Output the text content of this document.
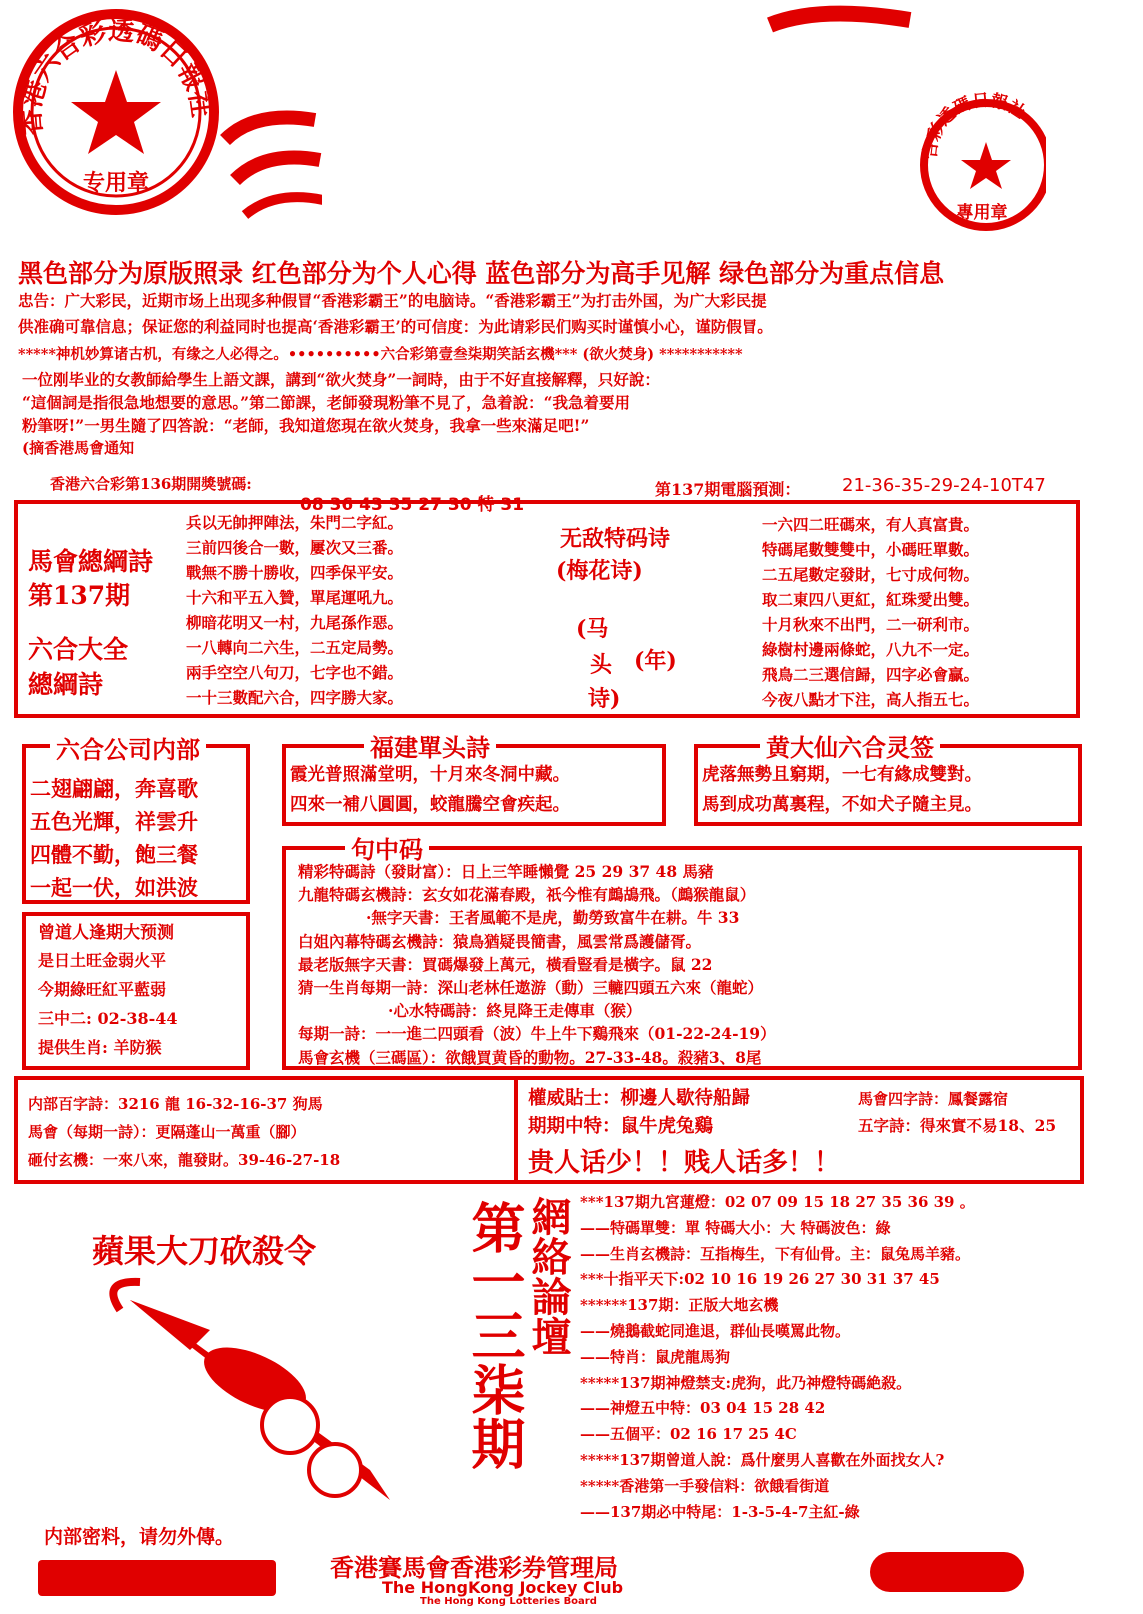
香港六合彩透碼日報社
专用章
合彩透碼日報社
專用章
黑色部分为原版照录 红色部分为个人心得 蓝色部分为高手见解 绿色部分为重点信息
忠告：广大彩民，近期市场上出现多种假冒“香港彩霸王”的电脑诗。“香港彩霸王”为打击外国，为广大彩民提
供准确可靠信息；保证您的利益同时也提高‘香港彩霸王’的可信度：为此请彩民们购买时谨慎小心，谨防假冒。
*****神机妙算诸古机，有缘之人必得之。••••••••••六合彩第壹叁柒期笑話玄機*** (欲火焚身) ***********
一位刚毕业的女教師給學生上語文課，講到“欲火焚身”一詞時，由于不好直接解釋，只好說：
“這個詞是指很急地想要的意思。”第二節課，老師發現粉筆不見了，急着說：“我急着要用
粉筆呀!”一男生隨了四答說：“老師，我知道您現在欲火焚身，我拿一些來滿足吧!”
(摘香港馬會通知
香港六合彩第136期開獎號碼:
08 36 43 35 27 30 特 31
第137期電腦預測： 21-36-35-29-24-10T47
馬會總綱詩
第137期
六合大全
總綱詩
兵以无帥押陣法，朱門二字紅。
三前四後合一數，屢次又三番。
戰無不勝十勝收，四季保平安。
十六和平五入贊，單尾運吼九。
柳暗花明又一村，九尾孫作惡。
一八轉向二六生，二五定局勢。
兩手空空八句刀，七字也不錯。
一十三數配六合，四字勝大家。
无敌特码诗
(梅花诗)
(马
头 (年)
诗)
一六四二旺碼來，有人真富貴。
特碼尾數雙雙中，小碼旺單數。
二五尾數定發財，七寸成何物。
取二東四八更紅，紅珠愛出雙。
十月秋來不出門，二一研利市。
綠樹村邊兩條蛇，八九不一定。
飛鳥二三選信歸，四字必會贏。
今夜八點才下注，高人指五七。
六合公司内部
二翅翩翩，奔喜歌
五色光輝，祥雲升
四體不勤，飽三餐
一起一伏，如洪波
福建單头詩
霞光普照滿堂明，十月來冬洞中藏。
四來一補八圓圓，蛟龍騰空會疾起。
黄大仙六合灵签
虎落無勢且窮期，一七有緣成雙對。
馬到成功萬裏程，不如犬子隨主見。
曾道人逢期大预测
是日土旺金弱火平
今期綠旺紅平藍弱
三中二: 02-38-44
提供生肖: 羊防猴
句中码
精彩特碼詩（發財富）：日上三竿睡懶覺 25 29 37 48 馬豬
九龍特碼玄機詩：玄女如花滿春殿，祇今惟有鷓鴣飛。（鷓猴龍鼠）
·無字天書：王者風範不是虎，勤勞致富牛在耕。牛 33
白姐內幕特碼玄機詩：猿鳥猶疑畏簡書，風雲常爲護儲胥。
最老版無字天書：買碼爆發上萬元，橫看豎看是橫字。鼠 22
猜一生肖每期一詩：深山老林任遨游（動）三轆四頭五六來（龍蛇）
·心水特碼詩：終見降王走傳車（猴）
每期一詩：一一進二四頭看（波）牛上牛下鷄飛來（01-22-24-19）
馬會玄機（三碼區）：欲餓買黄昏的動物。27-33-48。殺豬3、8尾
内部百字詩：3216 龍 16-32-16-37 狗馬
馬會（每期一詩）：更隔蓬山一萬重（腳）
砸付玄機：一來八來，龍發財。39-46-27-18
權威貼士：柳邊人歇待船歸	馬會四字詩：鳳餐露宿
期期中特：鼠牛虎兔鷄	五字詩：得來實不易18、25
贵人话少！！贱人话多！！
蘋果大刀砍殺令
内部密料，请勿外傳。
第一三柒期 網絡論壇 ***137期九宮蓮燈：02 07 09 15 18 27 35 36 39 。
——特碼單雙：單 特碼大小：大 特碼波色：綠
——生肖玄機詩：互指梅生，下有仙骨。主：鼠兔馬羊豬。
***十指平天下:02 10 16 19 26 27 30 31 37 45
******137期：正版大地玄機
——燒鵝截蛇同進退，群仙長嘆罵此物。
——特肖：鼠虎龍馬狗
*****137期神燈禁支:虎狗，此乃神燈特碼絶殺。
——神燈五中特：03 04 15 28 42
——五個平：02 16 17 25 4C
*****137期曾道人說：爲什麼男人喜歡在外面找女人?
*****香港第一手發信料：欲餓看街道
——137期必中特尾：1-3-5-4-7主紅-綠
香港賽馬會香港彩券管理局
The HongKong Jockey Club
The Hong Kong Lotteries Board
